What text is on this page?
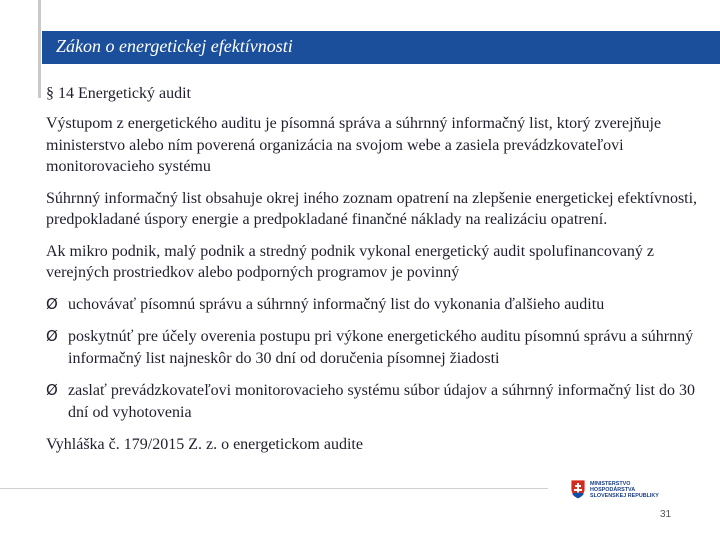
Zákon o energetickej efektívnosti
§ 14 Energetický audit

Výstupom z energetického auditu je písomná správa a súhrnný informačný list, ktorý zverejňuje ministerstvo alebo ním poverená organizácia na svojom webe a zasiela prevádzkovateľovi monitorovacieho systému

Súhrnný informačný list obsahuje okrej iného zoznam opatrení na zlepšenie energetickej efektívnosti, predpokladané úspory energie a predpokladané finančné náklady na realizáciu opatrení.

Ak mikro podnik, malý podnik a stredný podnik vykonal energetický audit spolufinancovaný z verejných prostriedkov alebo podporných programov je povinný

Ø uchovávať písomnú správu a súhrnný informačný list do vykonania ďalšieho auditu
Ø poskytnúť pre účely overenia postupu pri výkone energetického auditu písomnú správu a súhrnný informačný list najneskôr do 30 dní od doručenia písomnej žiadosti
Ø zaslať prevádzkovateľovi monitorovacieho systému súbor údajov a súhrnný informačný list do 30 dní od vyhotovenia

Vyhláška č. 179/2015 Z. z. o energetickom audite

MINISTERSTVO
HOSPODÁRSTVA
SLOVENSKEJ REPUBLIKY
31
